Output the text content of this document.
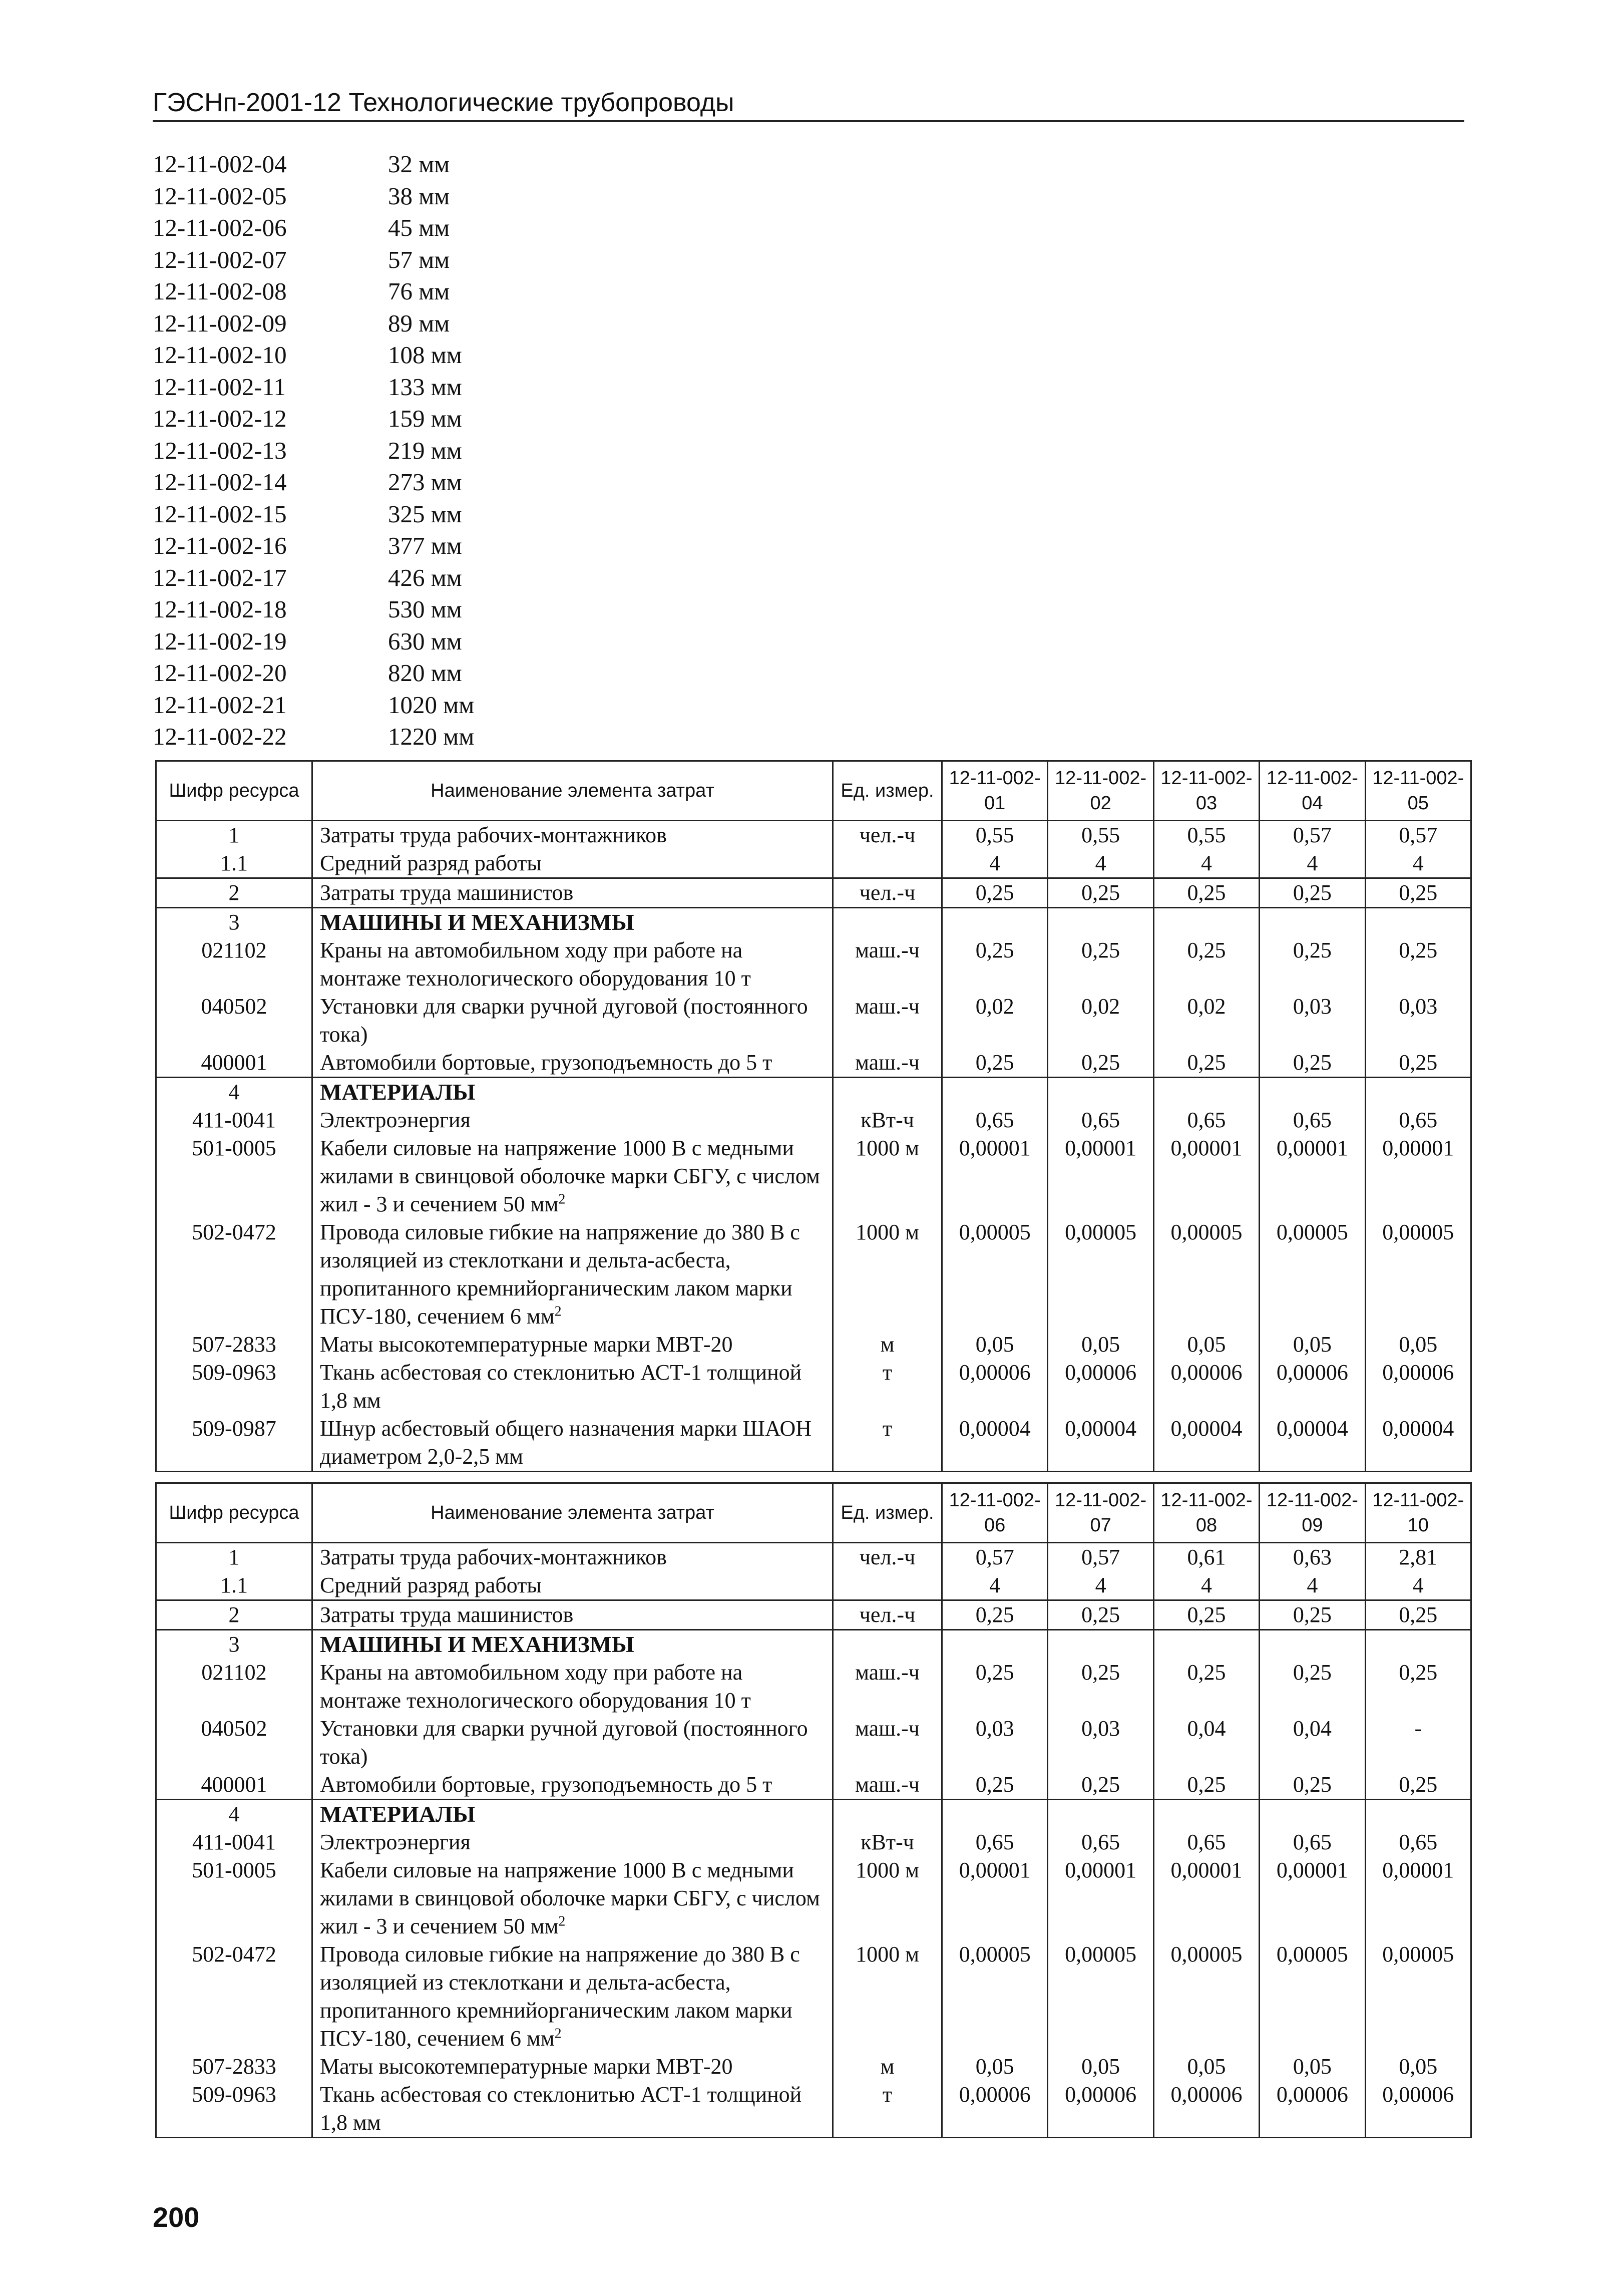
ГЭСНп-2001-12 Технологические трубопроводы
12-11-002-04	32 мм
12-11-002-05	38 мм
12-11-002-06	45 мм
12-11-002-07	57 мм
12-11-002-08	76 мм
12-11-002-09	89 мм
12-11-002-10	108 мм
12-11-002-11	133 мм
12-11-002-12	159 мм
12-11-002-13	219 мм
12-11-002-14	273 мм
12-11-002-15	325 мм
12-11-002-16	377 мм
12-11-002-17	426 мм
12-11-002-18	530 мм
12-11-002-19	630 мм
12-11-002-20	820 мм
12-11-002-21	1020 мм
12-11-002-22	1220 мм
Шифр ресурса	Наименование элемента затрат	Ед. измер.	12-11-002-01	12-11-002-02	12-11-002-03	12-11-002-04	12-11-002-05
1	Затраты труда рабочих-монтажников	чел.-ч	0,55	0,55	0,55	0,57	0,57
1.1	Средний разряд работы		4	4	4	4	4
2	Затраты труда машинистов	чел.-ч	0,25	0,25	0,25	0,25	0,25
3	МАШИНЫ И МЕХАНИЗМЫ						
021102	Краны на автомобильном ходу при работе на монтаже технологического оборудования 10 т	маш.-ч	0,25	0,25	0,25	0,25	0,25
040502	Установки для сварки ручной дуговой (постоянного тока)	маш.-ч	0,02	0,02	0,02	0,03	0,03
400001	Автомобили бортовые, грузоподъемность до 5 т	маш.-ч	0,25	0,25	0,25	0,25	0,25
4	МАТЕРИАЛЫ						
411-0041	Электроэнергия	кВт-ч	0,65	0,65	0,65	0,65	0,65
501-0005	Кабели силовые на напряжение 1000 В с медными жилами в свинцовой оболочке марки СБГУ, с числом жил - 3 и сечением 50 $мм^2$	1000 м	0,00001	0,00001	0,00001	0,00001	0,00001
502-0472	Провода силовые гибкие на напряжение до 380 В с изоляцией из стеклоткани и дельта-асбеста, пропитанного кремнийорганическим лаком марки ПСУ-180, сечением 6 $мм^2$	1000 м	0,00005	0,00005	0,00005	0,00005	0,00005
507-2833	Маты высокотемпературные марки МВТ-20	м	0,05	0,05	0,05	0,05	0,05
509-0963	Ткань асбестовая со стеклонитью АСТ-1 толщиной 1,8 мм	т	0,00006	0,00006	0,00006	0,00006	0,00006
509-0987	Шнур асбестовый общего назначения марки ШАОН диаметром 2,0-2,5 мм	т	0,00004	0,00004	0,00004	0,00004	0,00004
Шифр ресурса	Наименование элемента затрат	Ед. измер.	12-11-002-06	12-11-002-07	12-11-002-08	12-11-002-09	12-11-002-10
1	Затраты труда рабочих-монтажников	чел.-ч	0,57	0,57	0,61	0,63	2,81
1.1	Средний разряд работы		4	4	4	4	4
2	Затраты труда машинистов	чел.-ч	0,25	0,25	0,25	0,25	0,25
3	МАШИНЫ И МЕХАНИЗМЫ						
021102	Краны на автомобильном ходу при работе на монтаже технологического оборудования 10 т	маш.-ч	0,25	0,25	0,25	0,25	0,25
040502	Установки для сварки ручной дуговой (постоянного тока)	маш.-ч	0,03	0,03	0,04	0,04	-
400001	Автомобили бортовые, грузоподъемность до 5 т	маш.-ч	0,25	0,25	0,25	0,25	0,25
4	МАТЕРИАЛЫ						
411-0041	Электроэнергия	кВт-ч	0,65	0,65	0,65	0,65	0,65
501-0005	Кабели силовые на напряжение 1000 В с медными жилами в свинцовой оболочке марки СБГУ, с числом жил - 3 и сечением 50 $мм^2$	1000 м	0,00001	0,00001	0,00001	0,00001	0,00001
502-0472	Провода силовые гибкие на напряжение до 380 В с изоляцией из стеклоткани и дельта-асбеста, пропитанного кремнийорганическим лаком марки ПСУ-180, сечением 6 $мм^2$	1000 м	0,00005	0,00005	0,00005	0,00005	0,00005
507-2833	Маты высокотемпературные марки МВТ-20	м	0,05	0,05	0,05	0,05	0,05
509-0963	Ткань асбестовая со стеклонитью АСТ-1 толщиной 1,8 мм	т	0,00006	0,00006	0,00006	0,00006	0,00006
200
